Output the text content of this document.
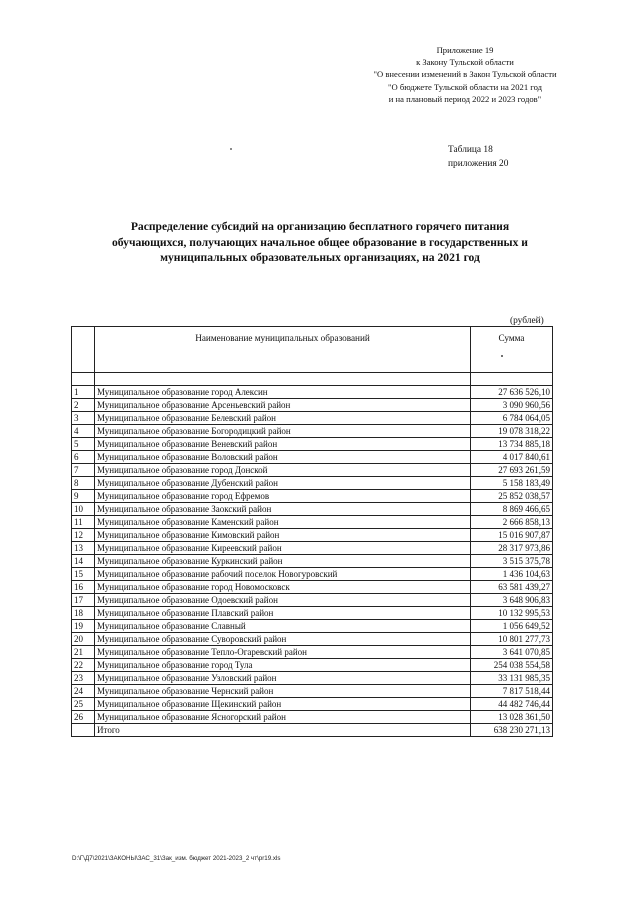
Приложение 19
к Закону Тульской области
"О внесении изменений в Закон Тульской области
"О бюджете Тульской области на 2021 год
и на плановый период 2022 и 2023 годов"
Таблица 18
приложения 20
Распределение субсидий на организацию бесплатного горячего питания
обучающихся, получающих начальное общее образование в государственных и
муниципальных образовательных организациях, на 2021 год
(рублей)
	Наименование муниципальных образований	Сумма

1	Муниципальное образование город Алексин	27 636 526,10
2	Муниципальное образование Арсеньевский район	3 090 960,56
3	Муниципальное образование Белевский район	6 784 064,05
4	Муниципальное образование Богородицкий район	19 078 318,22
5	Муниципальное образование Веневский район	13 734 885,18
6	Муниципальное образование Воловский район	4 017 840,61
7	Муниципальное образование город Донской	27 693 261,59
8	Муниципальное образование Дубенский район	5 158 183,49
9	Муниципальное образование город Ефремов	25 852 038,57
10	Муниципальное образование Заокский район	8 869 466,65
11	Муниципальное образование Каменский район	2 666 858,13
12	Муниципальное образование Кимовский район	15 016 907,87
13	Муниципальное образование Киреевский район	28 317 973,86
14	Муниципальное образование Куркинский район	3 515 375,78
15	Муниципальное образование рабочий поселок Новогуровский	1 436 104,63
16	Муниципальное образование город Новомосковск	63 581 439,27
17	Муниципальное образование Одоевский район	3 648 906,83
18	Муниципальное образование Плавский район	10 132 995,53
19	Муниципальное образование Славный	1 056 649,52
20	Муниципальное образование Суворовский район	10 801 277,73
21	Муниципальное образование Тепло-Огаревский район	3 641 070,85
22	Муниципальное образование город Тула	254 038 554,58
23	Муниципальное образование Узловский район	33 131 985,35
24	Муниципальное образование Чернский район	7 817 518,44
25	Муниципальное образование Щекинский район	44 482 746,44
26	Муниципальное образование Ясногорский район	13 028 361,50
	Итого	638 230 271,13
D:\Г\Д7\2021\ЗАКОНЫ\ЗАС_31\Зак_изм. бюджет 2021-2023_2 чт\pr19.xls
